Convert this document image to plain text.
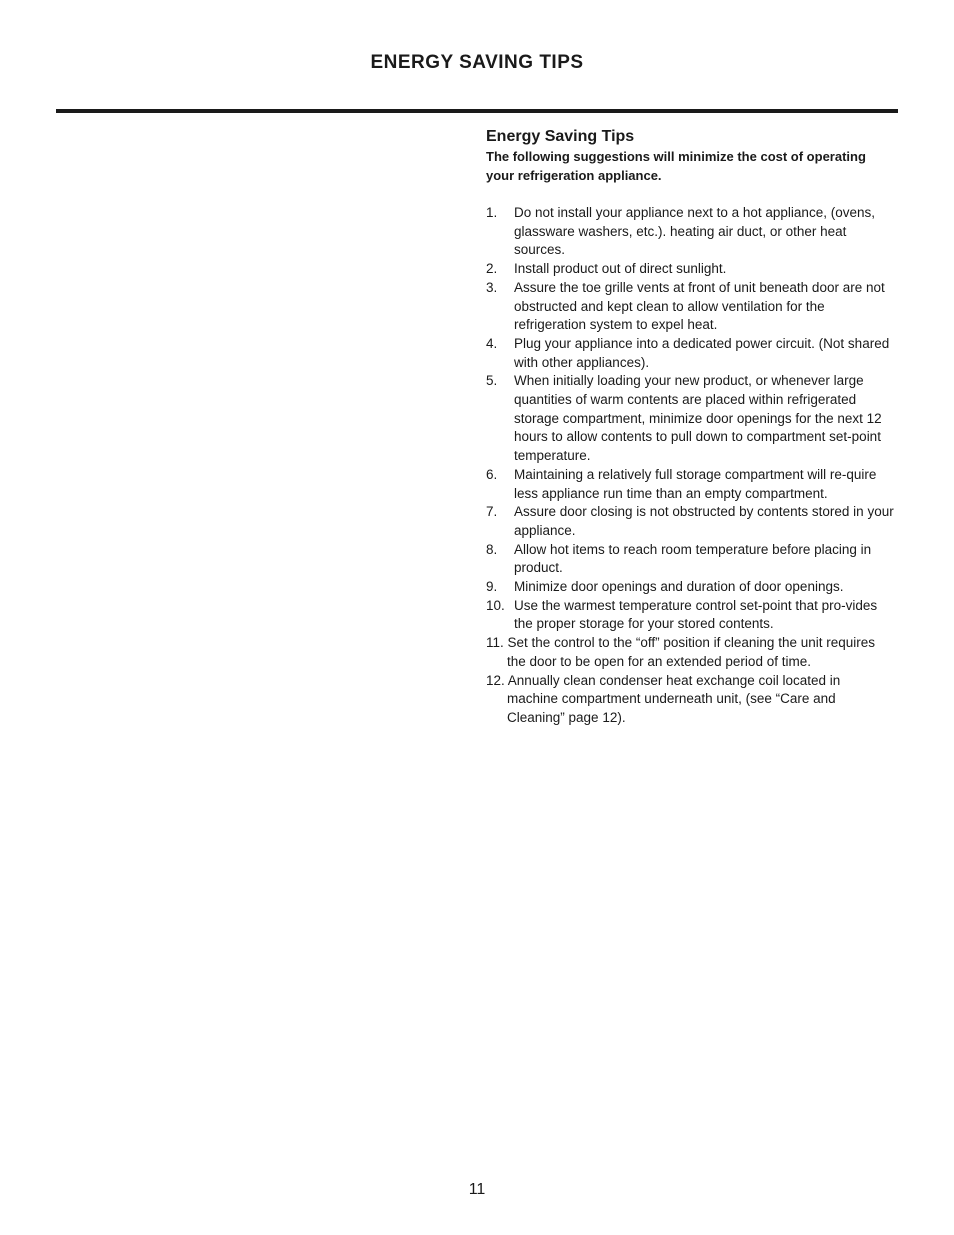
ENERGY SAVING TIPS
Energy Saving Tips

The following suggestions will minimize the cost of operating your refrigeration appliance.

1.	Do not install your appliance next to a hot appliance, (ovens, glassware washers, etc.). heating air duct, or other heat sources.
2.	Install product out of direct sunlight.
3.	Assure the toe grille vents at front of unit beneath door are not obstructed and kept clean to allow ventilation for the refrigeration system to expel heat.
4.	Plug your appliance into a dedicated power circuit. (Not shared with other appliances).
5.	When initially loading your new product, or whenever large quantities of warm contents are placed within refrigerated storage compartment, minimize door openings for the next 12 hours to allow contents to pull down to compartment set-point temperature.
6.	Maintaining a relatively full storage compartment will re-quire less appliance run time than an empty compartment.
7.	Assure door closing is not obstructed by contents stored in your appliance.
8.	Allow hot items to reach room temperature before placing in product.
9.	Minimize door openings and duration of door openings.
10. Use the warmest temperature control set-point that pro-vides the proper storage for your stored contents.
11. Set the control to the “off” position if cleaning the unit requires the door to be open for an extended period of time.
12. Annually clean condenser heat exchange coil located in machine compartment underneath unit, (see “Care and Cleaning” page 12).
11
